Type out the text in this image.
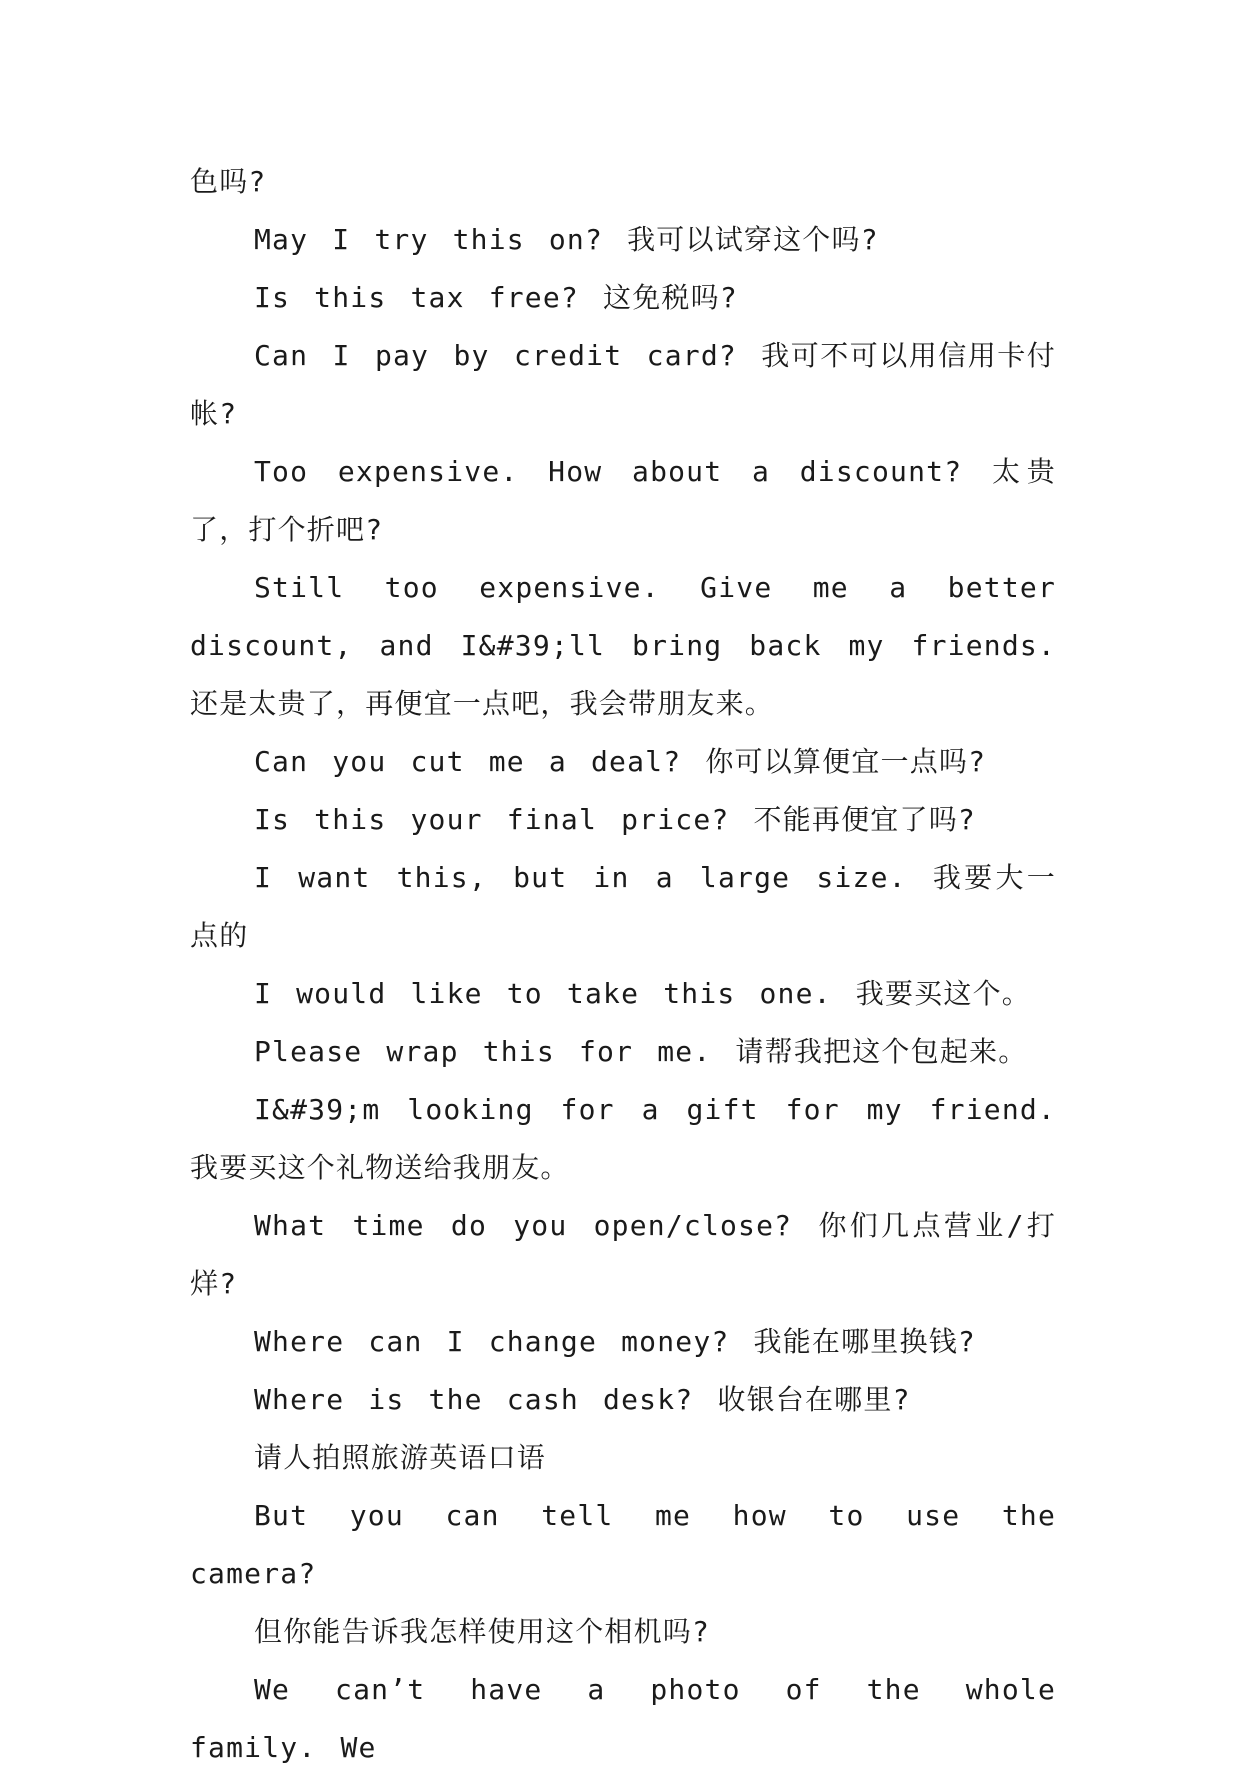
色吗?

May I try this on? 我可以试穿这个吗?

Is this tax free? 这免税吗?

Can I pay by credit card? 我可不可以用信用卡付帐?

Too expensive. How about a discount? 太贵了，打个折吧?

Still too expensive. Give me a better discount, and I&#39;ll bring back my friends.还是太贵了，再便宜一点吧，我会带朋友来。

Can you cut me a deal? 你可以算便宜一点吗?

Is this your final price? 不能再便宜了吗?

I want this, but in a large size. 我要大一点的

I would like to take this one. 我要买这个。

Please wrap this for me. 请帮我把这个包起来。

I&#39;m looking for a gift for my friend. 我要买这个礼物送给我朋友。

What time do you open/close? 你们几点营业/打烊?

Where can I change money? 我能在哪里换钱?

Where is the cash desk? 收银台在哪里?

请人拍照旅游英语口语

But you can tell me how to use the camera?

但你能告诉我怎样使用这个相机吗?

We can’t have a photo of the whole family. We
